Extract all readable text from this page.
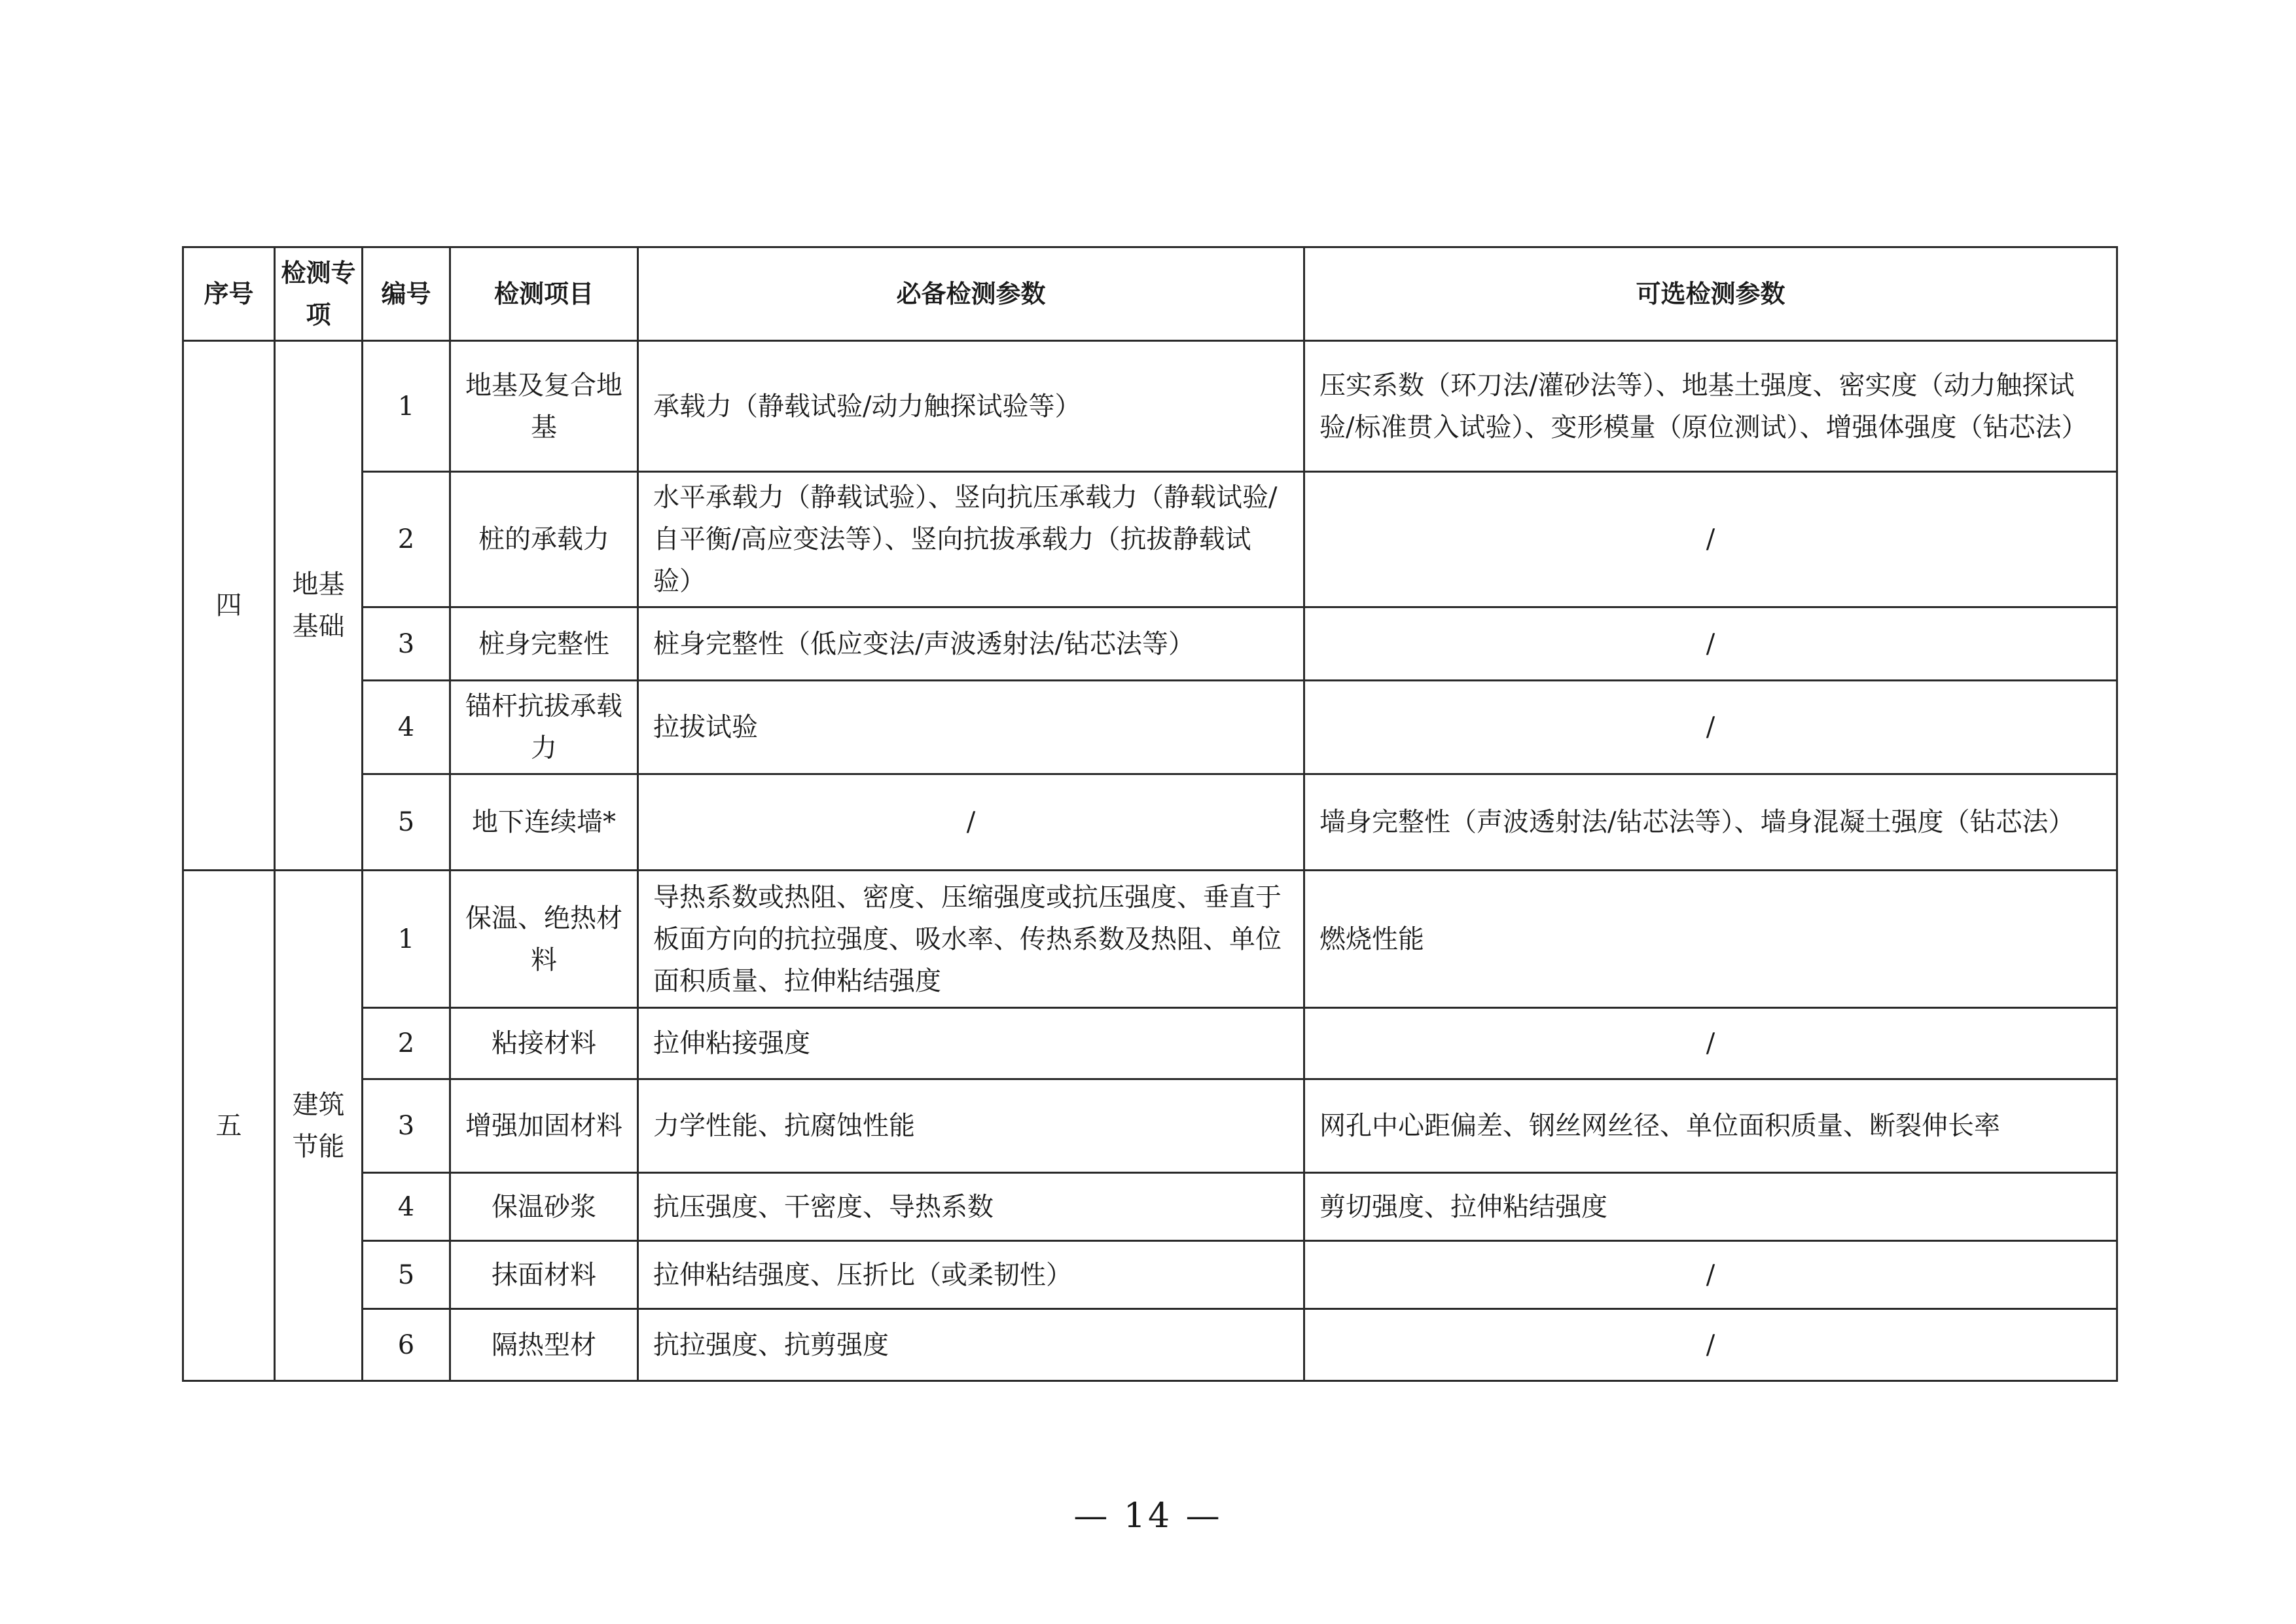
序号	检测专项	编号	检测项目	必备检测参数	可选检测参数
四	地基基础	1	地基及复合地基	承载力（静载试验/动力触探试验等）	压实系数（环刀法/灌砂法等）、地基土强度、密实度（动力触探试验/标准贯入试验）、变形模量（原位测试）、增强体强度（钻芯法）
		2	桩的承载力	水平承载力（静载试验）、竖向抗压承载力（静载试验/自平衡/高应变法等）、竖向抗拔承载力（抗拔静载试验）	/
		3	桩身完整性	桩身完整性（低应变法/声波透射法/钻芯法等）	/
		4	锚杆抗拔承载力	拉拔试验	/
		5	地下连续墙*	/	墙身完整性（声波透射法/钻芯法等）、墙身混凝土强度（钻芯法）
五	建筑节能	1	保温、绝热材料	导热系数或热阻、密度、压缩强度或抗压强度、垂直于板面方向的抗拉强度、吸水率、传热系数及热阻、单位面积质量、拉伸粘结强度	燃烧性能
		2	粘接材料	拉伸粘接强度	/
		3	增强加固材料	力学性能、抗腐蚀性能	网孔中心距偏差、钢丝网丝径、单位面积质量、断裂伸长率
		4	保温砂浆	抗压强度、干密度、导热系数	剪切强度、拉伸粘结强度
		5	抹面材料	拉伸粘结强度、压折比（或柔韧性）	/
		6	隔热型材	抗拉强度、抗剪强度	/
— 14 —
